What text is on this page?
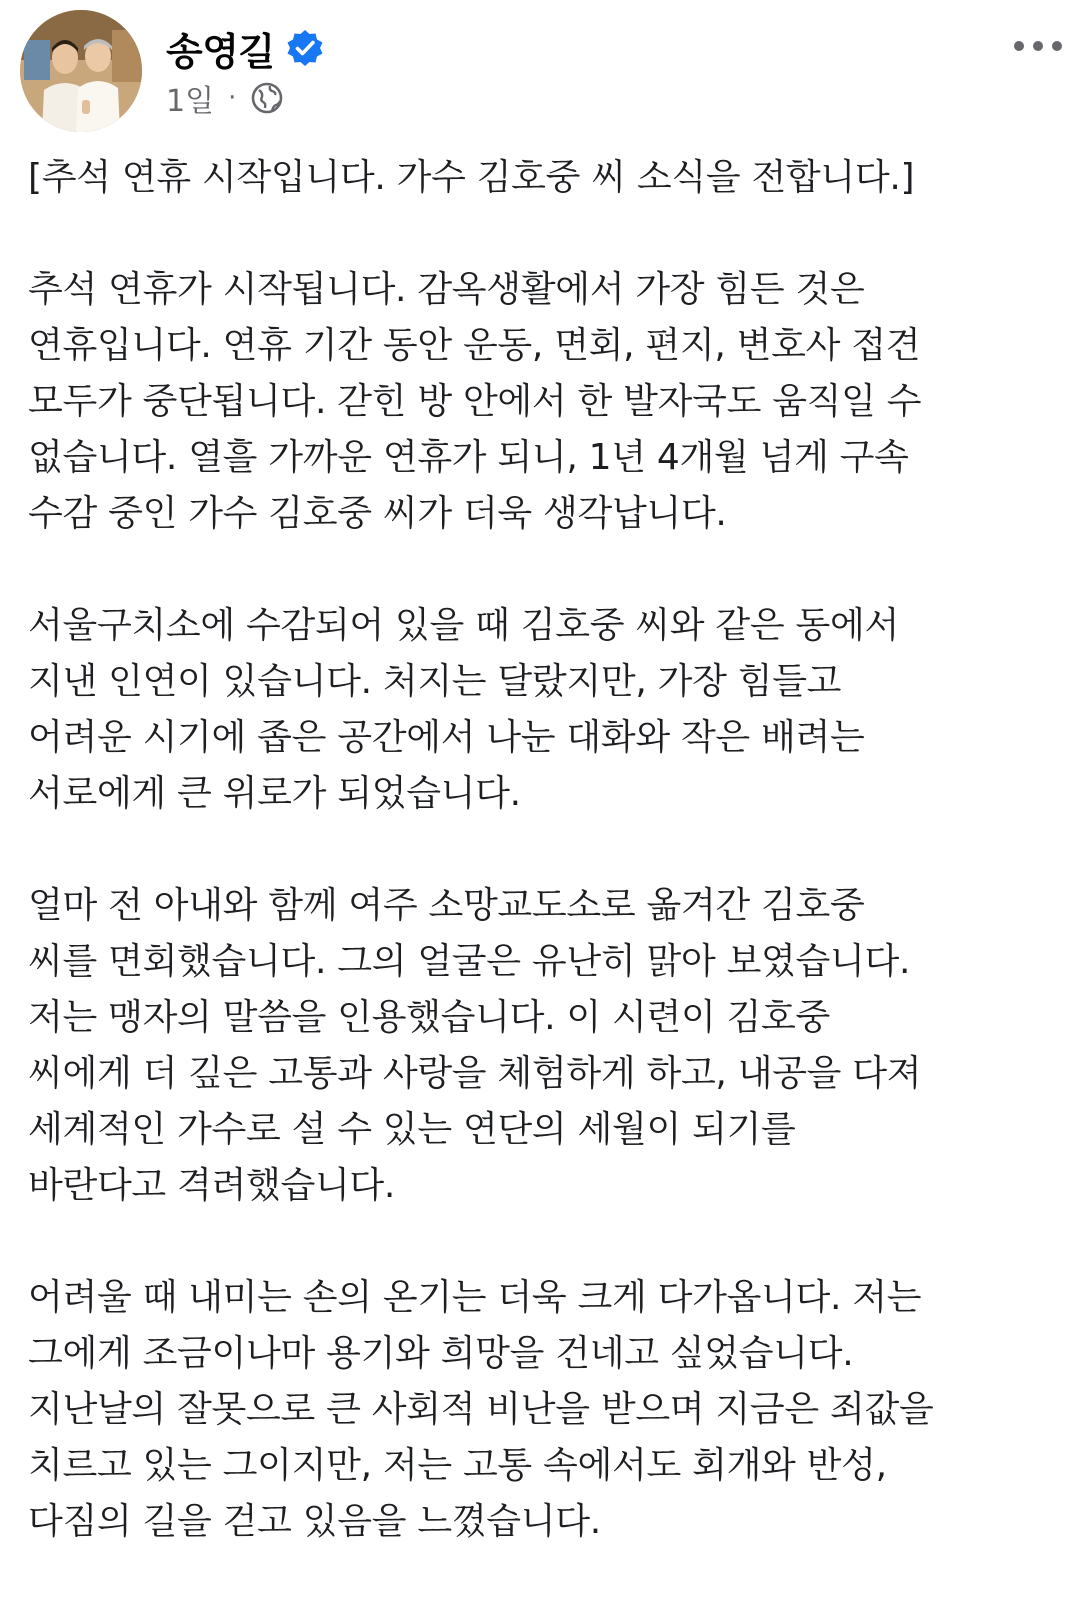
송영길
1일 ·
[추석 연휴 시작입니다. 가수 김호중 씨 소식을 전합니다.]
추석 연휴가 시작됩니다. 감옥생활에서 가장 힘든 것은
연휴입니다. 연휴 기간 동안 운동, 면회, 편지, 변호사 접견
모두가 중단됩니다. 갇힌 방 안에서 한 발자국도 움직일 수
없습니다. 열흘 가까운 연휴가 되니, 1년 4개월 넘게 구속
수감 중인 가수 김호중 씨가 더욱 생각납니다.
서울구치소에 수감되어 있을 때 김호중 씨와 같은 동에서
지낸 인연이 있습니다. 처지는 달랐지만, 가장 힘들고
어려운 시기에 좁은 공간에서 나눈 대화와 작은 배려는
서로에게 큰 위로가 되었습니다.
얼마 전 아내와 함께 여주 소망교도소로 옮겨간 김호중
씨를 면회했습니다. 그의 얼굴은 유난히 맑아 보였습니다.
저는 맹자의 말씀을 인용했습니다. 이 시련이 김호중
씨에게 더 깊은 고통과 사랑을 체험하게 하고, 내공을 다져
세계적인 가수로 설 수 있는 연단의 세월이 되기를
바란다고 격려했습니다.
어려울 때 내미는 손의 온기는 더욱 크게 다가옵니다. 저는
그에게 조금이나마 용기와 희망을 건네고 싶었습니다.
지난날의 잘못으로 큰 사회적 비난을 받으며 지금은 죄값을
치르고 있는 그이지만, 저는 고통 속에서도 회개와 반성,
다짐의 길을 걷고 있음을 느꼈습니다.
